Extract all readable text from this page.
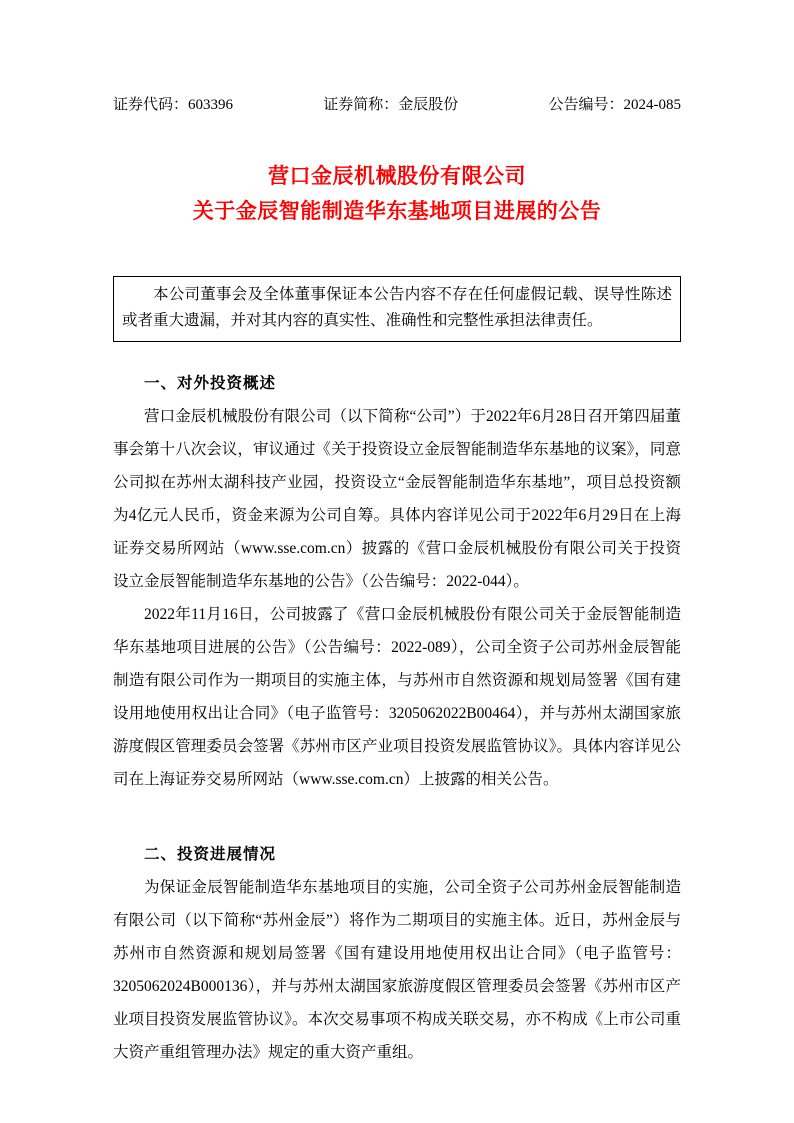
证券代码：603396	证券简称：金辰股份	公告编号：2024-085
营口金辰机械股份有限公司
关于金辰智能制造华东基地项目进展的公告
本公司董事会及全体董事保证本公告内容不存在任何虚假记载、误导性陈述或者重大遗漏，并对其内容的真实性、准确性和完整性承担法律责任。
一、对外投资概述

营口金辰机械股份有限公司（以下简称“公司”）于2022年6月28日召开第四届董事会第十八次会议，审议通过《关于投资设立金辰智能制造华东基地的议案》，同意公司拟在苏州太湖科技产业园，投资设立“金辰智能制造华东基地”，项目总投资额为4亿元人民币，资金来源为公司自筹。具体内容详见公司于2022年6月29日在上海证券交易所网站（www.sse.com.cn）披露的《营口金辰机械股份有限公司关于投资设立金辰智能制造华东基地的公告》（公告编号：2022-044）。

2022年11月16日，公司披露了《营口金辰机械股份有限公司关于金辰智能制造华东基地项目进展的公告》（公告编号：2022-089），公司全资子公司苏州金辰智能制造有限公司作为一期项目的实施主体，与苏州市自然资源和规划局签署《国有建设用地使用权出让合同》（电子监管号：3205062022B00464），并与苏州太湖国家旅游度假区管理委员会签署《苏州市区产业项目投资发展监管协议》。具体内容详见公司在上海证券交易所网站（www.sse.com.cn）上披露的相关公告。

二、投资进展情况

为保证金辰智能制造华东基地项目的实施，公司全资子公司苏州金辰智能制造有限公司（以下简称“苏州金辰”）将作为二期项目的实施主体。近日，苏州金辰与苏州市自然资源和规划局签署《国有建设用地使用权出让合同》（电子监管号：3205062024B000136），并与苏州太湖国家旅游度假区管理委员会签署《苏州市区产业项目投资发展监管协议》。本次交易事项不构成关联交易，亦不构成《上市公司重大资产重组管理办法》规定的重大资产重组。
